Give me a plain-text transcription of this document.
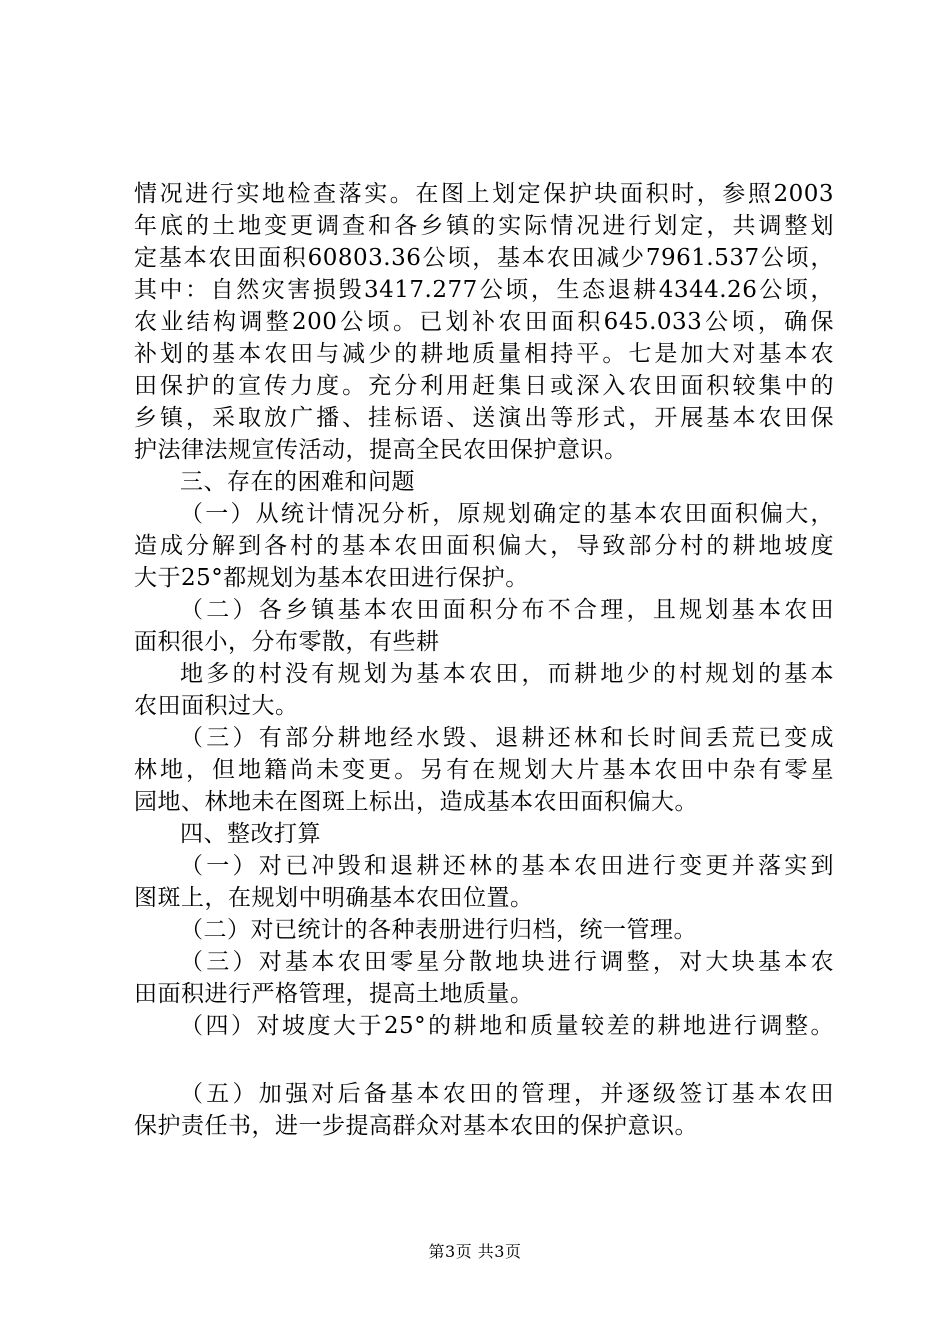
情况进行实地检查落实。在图上划定保护块面积时，参照2003
年底的土地变更调查和各乡镇的实际情况进行划定，共调整划
定基本农田面积60803.36公顷，基本农田减少7961.537公顷，
其中：自然灾害损毁3417.277公顷，生态退耕4344.26公顷，
农业结构调整200公顷。已划补农田面积645.033公顷，确保
补划的基本农田与减少的耕地质量相持平。七是加大对基本农
田保护的宣传力度。充分利用赶集日或深入农田面积较集中的
乡镇，采取放广播、挂标语、送演出等形式，开展基本农田保
护法律法规宣传活动，提高全民农田保护意识。
三、存在的困难和问题
（一）从统计情况分析，原规划确定的基本农田面积偏大，
造成分解到各村的基本农田面积偏大，导致部分村的耕地坡度
大于25°都规划为基本农田进行保护。
（二）各乡镇基本农田面积分布不合理，且规划基本农田
面积很小，分布零散，有些耕
地多的村没有规划为基本农田，而耕地少的村规划的基本
农田面积过大。
（三）有部分耕地经水毁、退耕还林和长时间丢荒已变成
林地，但地籍尚未变更。另有在规划大片基本农田中杂有零星
园地、林地未在图斑上标出，造成基本农田面积偏大。
四、整改打算
（一）对已冲毁和退耕还林的基本农田进行变更并落实到
图斑上，在规划中明确基本农田位置。
（二）对已统计的各种表册进行归档，统一管理。
（三）对基本农田零星分散地块进行调整，对大块基本农
田面积进行严格管理，提高土地质量。
（四）对坡度大于25°的耕地和质量较差的耕地进行调整。
（五）加强对后备基本农田的管理，并逐级签订基本农田
保护责任书，进一步提高群众对基本农田的保护意识。
第3页 共3页
